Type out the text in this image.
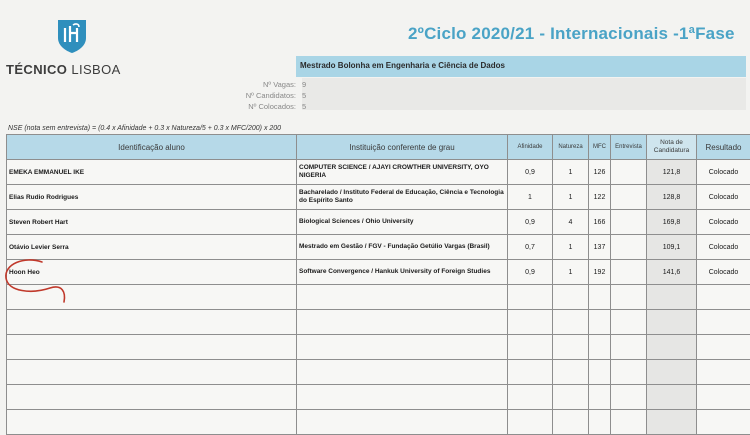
TÉCNICO LISBOA
2ºCiclo 2020/21 - Internacionais -1ªFase
Mestrado Bolonha em Engenharia e Ciência de Dados
Nº Vagas: 9
Nº Candidatos: 5
Nº Colocados: 5
NSE (nota sem entrevista) = (0.4 x Afinidade + 0.3 x Natureza/5 + 0.3 x MFC/200) x 200
Identificação aluno	Instituição conferente de grau	Afinidade	Natureza	MFC	Entrevista	Nota de Candidatura	Resultado
EMEKA EMMANUEL IKE	COMPUTER SCIENCE / AJAYI CROWTHER UNIVERSITY, OYO NIGERIA	0,9	1	126		121,8	Colocado
Elias Rudio Rodrigues	Bacharelado / Instituto Federal de Educação, Ciência e Tecnologia do Espírito Santo	1	1	122		128,8	Colocado
Steven Robert Hart	Biological Sciences / Ohio University	0,9	4	166		169,8	Colocado
Otávio Levier Serra	Mestrado em Gestão / FGV - Fundação Getúlio Vargas (Brasil)	0,7	1	137		109,1	Colocado
Hoon Heo	Software Convergence / Hankuk University of Foreign Studies	0,9	1	192		141,6	Colocado
